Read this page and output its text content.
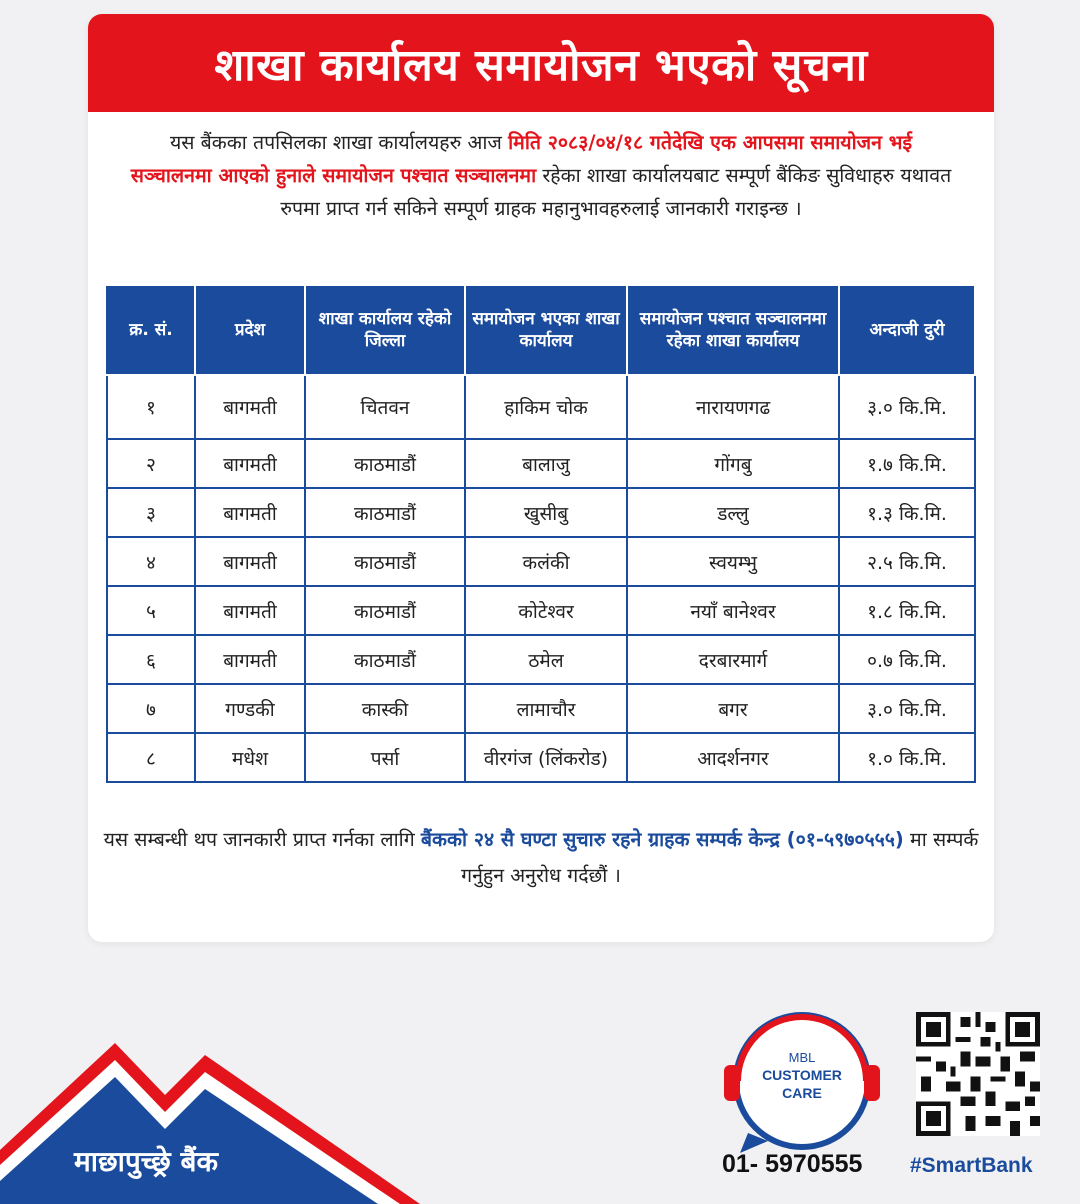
शाखा कार्यालय समायोजन भएको सूचना
यस बैंकका तपसिलका शाखा कार्यालयहरु आज मिति २०८३/०४/१८ गतेदेखि एक आपसमा समायोजन भई सञ्चालनमा आएको हुनाले समायोजन पश्चात सञ्चालनमा रहेका शाखा कार्यालयबाट सम्पूर्ण बैंकिङ सुविधाहरु यथावत रुपमा प्राप्त गर्न सकिने सम्पूर्ण ग्राहक महानुभावहरुलाई जानकारी गराइन्छ ।
क्र. सं.	प्रदेश	शाखा कार्यालय रहेको जिल्ला	समायोजन भएका शाखा कार्यालय	समायोजन पश्चात सञ्चालनमा रहेका शाखा कार्यालय	अन्दाजी दुरी
१	बागमती	चितवन	हाकिम चोक	नारायणगढ	३.० कि.मि.
२	बागमती	काठमाडौं	बालाजु	गोंगबु	१.७ कि.मि.
३	बागमती	काठमाडौं	खुसीबु	डल्लु	१.३ कि.मि.
४	बागमती	काठमाडौं	कलंकी	स्वयम्भु	२.५ कि.मि.
५	बागमती	काठमाडौं	कोटेश्वर	नयाँ बानेश्वर	१.८ कि.मि.
६	बागमती	काठमाडौं	ठमेल	दरबारमार्ग	०.७ कि.मि.
७	गण्डकी	कास्की	लामाचौर	बगर	३.० कि.मि.
८	मधेश	पर्सा	वीरगंज (लिंकरोड)	आदर्शनगर	१.० कि.मि.
यस सम्बन्धी थप जानकारी प्राप्त गर्नका लागि बैंकको २४ सै घण्टा सुचारु रहने ग्राहक सम्पर्क केन्द्र (०१-५९७०५५५) मा सम्पर्क गर्नुहुन अनुरोध गर्दछौं ।
माछापुच्छ्रे बैंक
MBL
CUSTOMER
CARE
01- 5970555 #SmartBank
